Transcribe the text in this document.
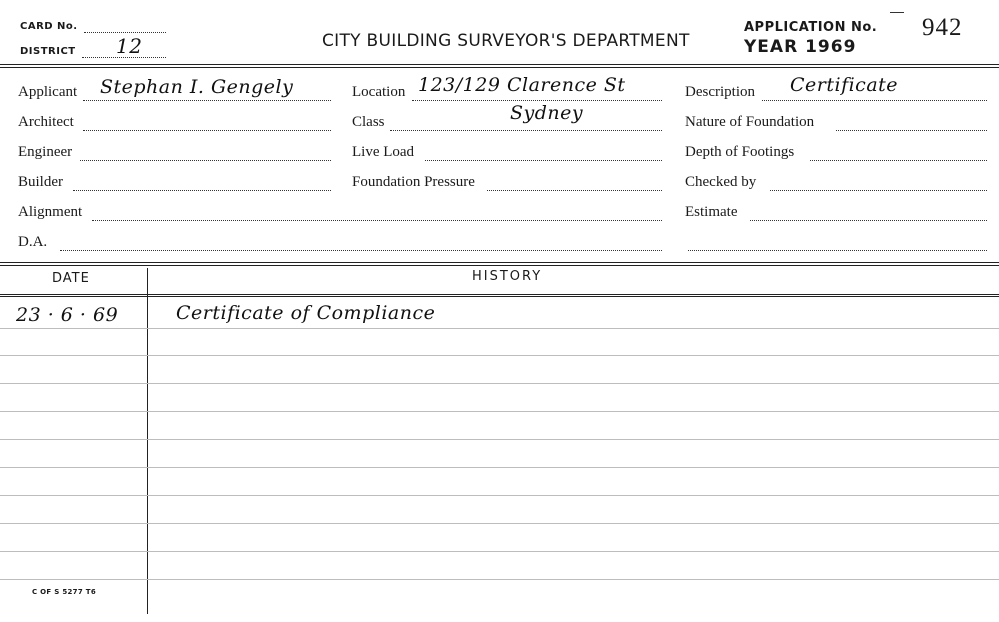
CARD No.
DISTRICT 12	CITY BUILDING SURVEYOR'S DEPARTMENT
APPLICATION No. 942
YEAR 1969
Applicant Stephan I. Gengely
Architect
Engineer
Builder
Alignment
D.A.
Location 123/129 Clarence St
Sydney
Class
Live Load
Foundation Pressure
Description Certificate
Nature of Foundation
Depth of Footings
Checked by
Estimate
DATE	HISTORY
23 · 6 · 69	Certificate of Compliance
C OF S 5277 T6
